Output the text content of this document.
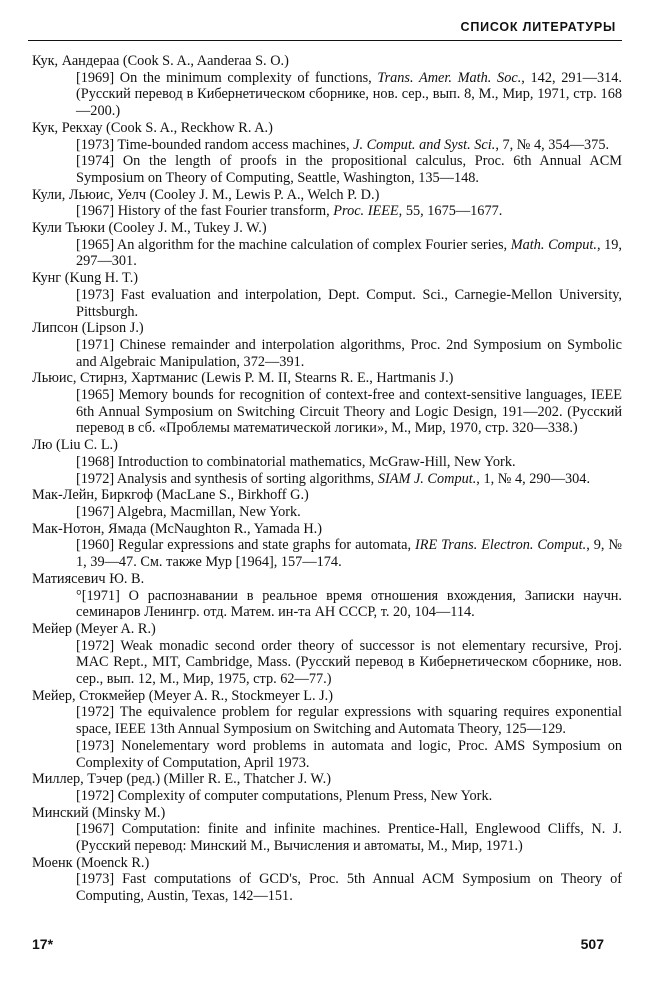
СПИСОК ЛИТЕРАТУРЫ
Кук, Аандераа (Cook S. A., Aanderaa S. O.)
[1969] On the minimum complexity of functions, Trans. Amer. Math. Soc., 142, 291—314. (Русский перевод в Кибернетическом сборнике, нов. сер., вып. 8, М., Мир, 1971, стр. 168—200.)
Кук, Рекхау (Cook S. A., Reckhow R. A.)
[1973] Time-bounded random access machines, J. Comput. and Syst. Sci., 7, № 4, 354—375.
[1974] On the length of proofs in the propositional calculus, Proc. 6th Annual ACM Symposium on Theory of Computing, Seattle, Washington, 135—148.
Кули, Льюис, Уелч (Cooley J. M., Lewis P. A., Welch P. D.)
[1967] History of the fast Fourier transform, Proc. IEEE, 55, 1675—1677.
Кули Тьюки (Cooley J. M., Tukey J. W.)
[1965] An algorithm for the machine calculation of complex Fourier series, Math. Comput., 19, 297—301.
Кунг (Kung H. T.)
[1973] Fast evaluation and interpolation, Dept. Comput. Sci., Carnegie-Mellon University, Pittsburgh.
Липсон (Lipson J.)
[1971] Chinese remainder and interpolation algorithms, Proc. 2nd Symposium on Symbolic and Algebraic Manipulation, 372—391.
Льюис, Стирнз, Хартманис (Lewis P. M. II, Stearns R. E., Hartmanis J.)
[1965] Memory bounds for recognition of context-free and context-sensitive languages, IEEE 6th Annual Symposium on Switching Circuit Theory and Logic Design, 191—202. (Русский перевод в сб. «Проблемы математической логики», М., Мир, 1970, стр. 320—338.)
Лю (Liu C. L.)
[1968] Introduction to combinatorial mathematics, McGraw-Hill, New York.
[1972] Analysis and synthesis of sorting algorithms, SIAM J. Comput., 1, № 4, 290—304.
Мак-Лейн, Биркгоф (MacLane S., Birkhoff G.)
[1967] Algebra, Macmillan, New York.
Мак-Нотон, Ямада (McNaughton R., Yamada H.)
[1960] Regular expressions and state graphs for automata, IRE Trans. Electron. Comput., 9, № 1, 39—47. См. также Мур [1964], 157—174.
Матиясевич Ю. В.
°[1971] О распознавании в реальное время отношения вхождения, Записки научн. семинаров Ленингр. отд. Матем. ин-та АН СССР, т. 20, 104—114.
Мейер (Meyer A. R.)
[1972] Weak monadic second order theory of successor is not elementary recursive, Proj. MAC Rept., MIT, Cambridge, Mass. (Русский перевод в Кибернетическом сборнике, нов. сер., вып. 12, М., Мир, 1975, стр. 62—77.)
Мейер, Стокмейер (Meyer A. R., Stockmeyer L. J.)
[1972] The equivalence problem for regular expressions with squaring requires exponential space, IEEE 13th Annual Symposium on Switching and Automata Theory, 125—129.
[1973] Nonelementary word problems in automata and logic, Proc. AMS Symposium on Complexity of Computation, April 1973.
Миллер, Тэчер (ред.) (Miller R. E., Thatcher J. W.)
[1972] Complexity of computer computations, Plenum Press, New York.
Минский (Minsky M.)
[1967] Computation: finite and infinite machines. Prentice-Hall, Englewood Cliffs, N. J. (Русский перевод: Минский М., Вычисления и автоматы, М., Мир, 1971.)
Моенк (Moenck R.)
[1973] Fast computations of GCD's, Proc. 5th Annual ACM Symposium on Theory of Computing, Austin, Texas, 142—151.
17*	507
